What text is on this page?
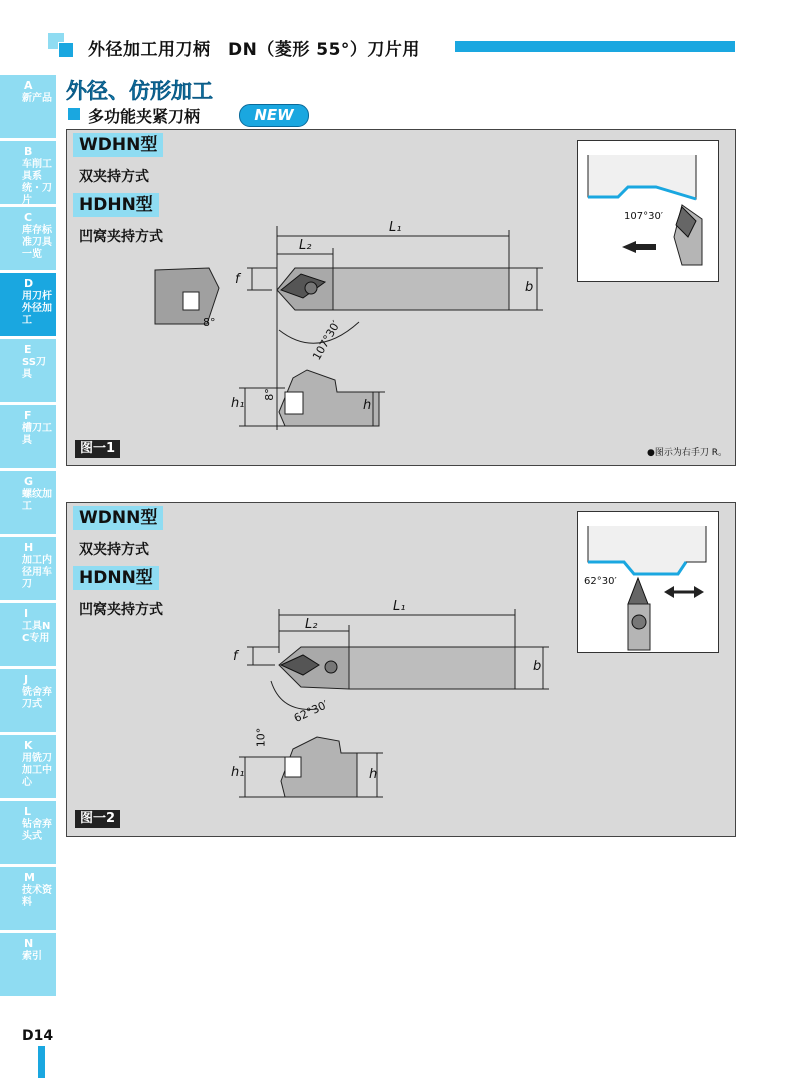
外径加工用刀柄　DN（菱形 55°）刀片用
A
新产品
B
车削工具系统・刀片
C
库存标准刀具一览
D
用刀杆外径加工
E
SS刀具
F
槽刀工具
G
螺纹加工
H
加工内径用车刀
I
工具NC专用
J
铣舍弃刀式
K
用铣刀加工中心
L
钻舍弃头式
M
技术资料
N
索引
外径、仿形加工
多功能夹紧刀柄	NEW
WDHN型
双夹持方式
HDHN型
凹窝夹持方式
L₁
L₂
f
b
107°30′
8°
8°
h₁	h
107°30′
图一1	●图示为右手刀 R。
WDNN型
双夹持方式
HDNN型
凹窝夹持方式	L₁
L₂
f
b
62°30′
10°
h₁	h
62°30′
图一2
D14
